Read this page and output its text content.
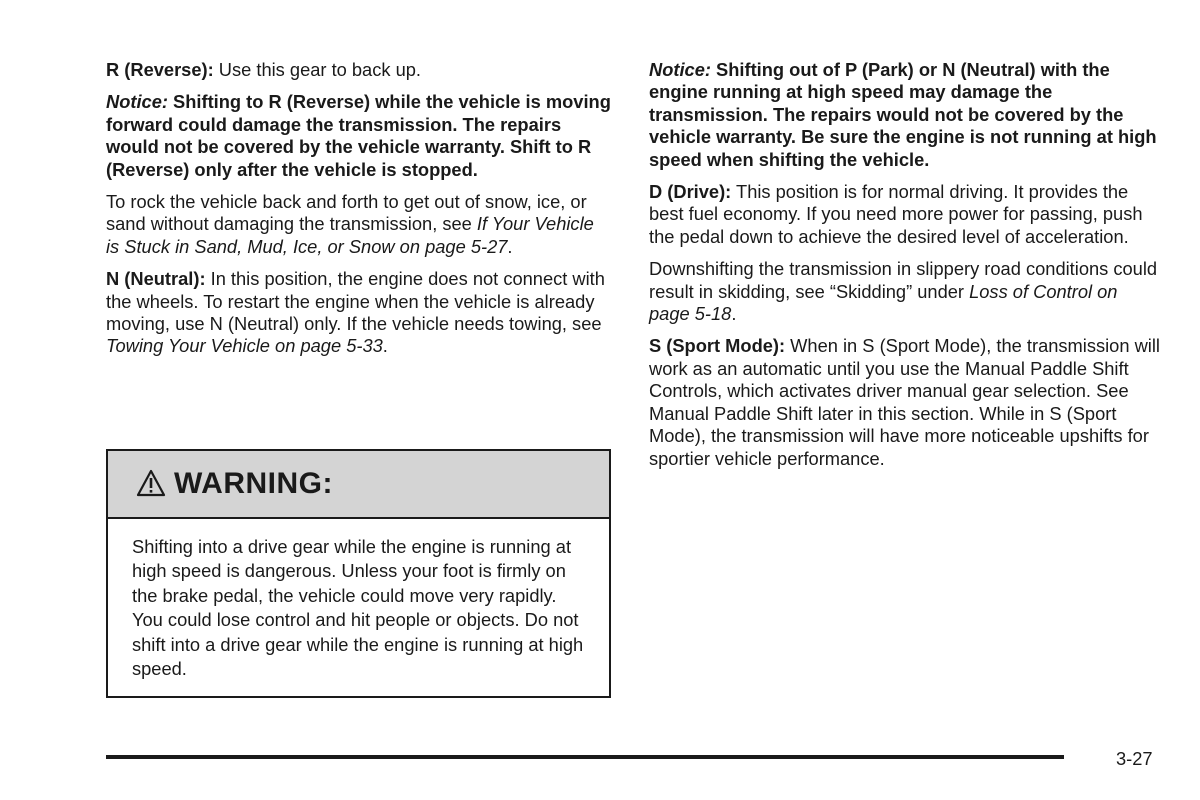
R (Reverse): Use this gear to back up.

Notice: Shifting to R (Reverse) while the vehicle is moving forward could damage the transmission. The repairs would not be covered by the vehicle warranty. Shift to R (Reverse) only after the vehicle is stopped.

To rock the vehicle back and forth to get out of snow, ice, or sand without damaging the transmission, see If Your Vehicle is Stuck in Sand, Mud, Ice, or Snow on page 5-27.

N (Neutral): In this position, the engine does not connect with the wheels. To restart the engine when the vehicle is already moving, use N (Neutral) only. If the vehicle needs towing, see Towing Your Vehicle on page 5-33.

WARNING:
Shifting into a drive gear while the engine is running at high speed is dangerous. Unless your foot is firmly on the brake pedal, the vehicle could move very rapidly. You could lose control and hit people or objects. Do not shift into a drive gear while the engine is running at high speed.

Notice: Shifting out of P (Park) or N (Neutral) with the engine running at high speed may damage the transmission. The repairs would not be covered by the vehicle warranty. Be sure the engine is not running at high speed when shifting the vehicle.

D (Drive): This position is for normal driving. It provides the best fuel economy. If you need more power for passing, push the pedal down to achieve the desired level of acceleration.

Downshifting the transmission in slippery road conditions could result in skidding, see “Skidding” under Loss of Control on page 5-18.

S (Sport Mode): When in S (Sport Mode), the transmission will work as an automatic until you use the Manual Paddle Shift Controls, which activates driver manual gear selection. See Manual Paddle Shift later in this section. While in S (Sport Mode), the transmission will have more noticeable upshifts for sportier vehicle performance.

3-27
